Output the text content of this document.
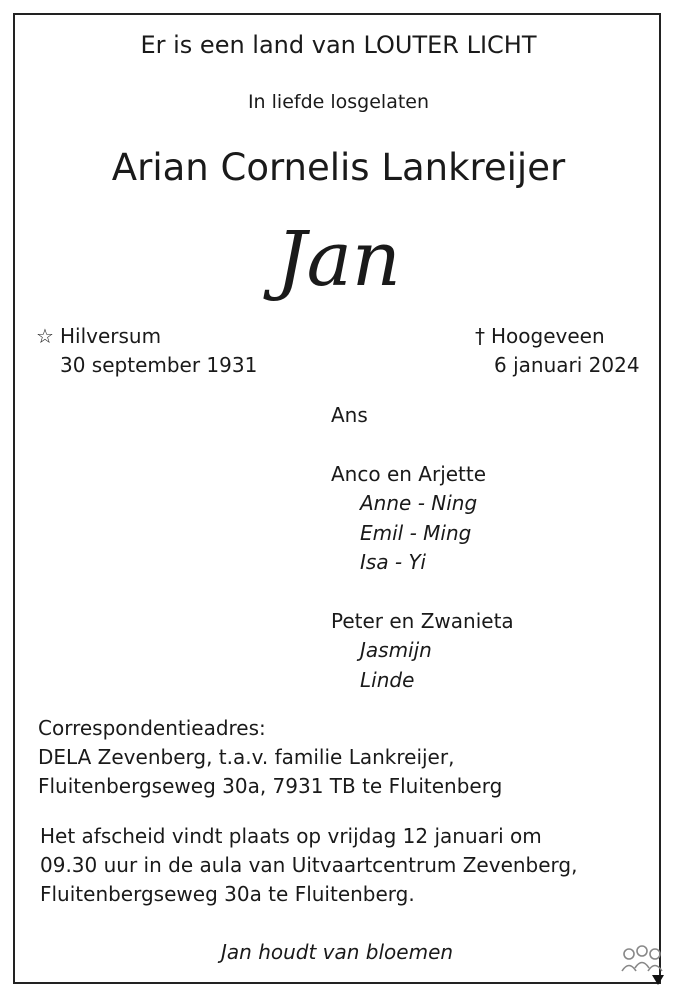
Er is een land van LOUTER LICHT
In liefde losgelaten
Arian Cornelis Lankreijer
Jan
☆ Hilversum
30 september 1931
† Hoogeveen
6 januari 2024
Ans
Anco en Arjette
Anne - Ning
Emil - Ming
Isa - Yi
Peter en Zwanieta
Jasmijn
Linde
Correspondentieadres:
DELA Zevenberg, t.a.v. familie Lankreijer,
Fluitenbergseweg 30a, 7931 TB te Fluitenberg
Het afscheid vindt plaats op vrijdag 12 januari om
09.30 uur in de aula van Uitvaartcentrum Zevenberg,
Fluitenbergseweg 30a te Fluitenberg.
Jan houdt van bloemen
